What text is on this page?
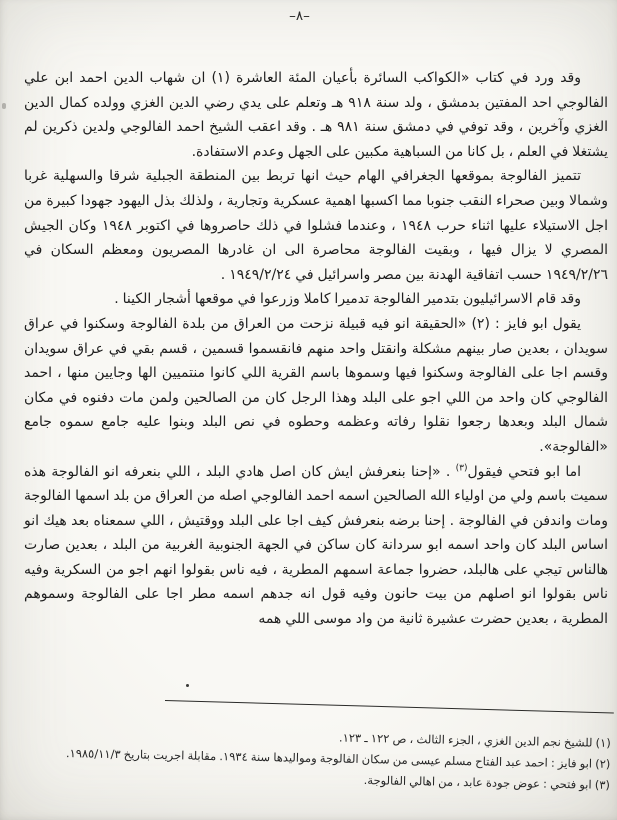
–٨–

وقد ورد في كتاب «الكواكب السائرة بأعيان المئة العاشرة (١) ان شهاب الدين احمد ابن علي الفالوجي احد المفتين بدمشق ، ولد سنة ٩١٨ هـ وتعلم على يدي رضي الدين الغزي وولده كمال الدين الغزي وآخرين ، وقد توفي في دمشق سنة ٩٨١ هـ . وقد اعقب الشيخ احمد الفالوجي ولدين ذكرين لم يشتغلا في العلم ، بل كانا من السباهية مكبين على الجهل وعدم الاستفادة.

تتميز الفالوجة بموقعها الجغرافي الهام حيث انها تربط بين المنطقة الجبلية شرقا والسهلية غربا وشمالا وبين صحراء النقب جنوبا مما اكسبها اهمية عسكرية وتجارية ، ولذلك بذل اليهود جهودا كبيرة من اجل الاستيلاء عليها اثناء حرب ١٩٤٨ ، وعندما فشلوا في ذلك حاصروها في اكتوبر ١٩٤٨ وكان الجيش المصري لا يزال فيها ، وبقيت الفالوجة محاصرة الى ان غادرها المصريون ومعظم السكان في ١٩٤٩/٢/٢٦ حسب اتفاقية الهدنة بين مصر واسرائيل في ١٩٤٩/٢/٢٤ .

وقد قام الاسرائيليون بتدمير الفالوجة تدميرا كاملا وزرعوا في موقعها أشجار الكينا .

يقول ابو فايز : (٢) «الحقيقة انو فيه قبيلة نزحت من العراق من بلدة الفالوجة وسكنوا في عراق سويدان ، بعدين صار بينهم مشكلة وانقتل واحد منهم فانقسموا قسمين ، قسم بقي في عراق سويدان وقسم اجا على الفالوجة وسكنوا فيها وسموها باسم القرية اللي كانوا منتميين الها وجايين منها ، احمد الفالوجي كان واحد من اللي اجو على البلد وهذا الرجل كان من الصالحين ولمن مات دفنوه في مكان شمال البلد وبعدها رجعوا نقلوا رفاته وعظمه وحطوه في نص البلد وبنوا عليه جامع سموه جامع «الفالوجة».

اما ابو فتحي فيقول$^{(٣)}$ . «إحنا بنعرفش ايش كان اصل هادي البلد ، اللي بنعرفه انو الفالوجة هذه سميت باسم ولي من اولياء الله الصالحين اسمه احمد الفالوجي اصله من العراق من بلد اسمها الفالوجة ومات واندفن في الفالوجة . إحنا برضه بنعرفش كيف اجا على البلد ووقتيش ، اللي سمعناه بعد هيك انو اساس البلد كان واحد اسمه ابو سردانة كان ساكن في الجهة الجنوبية الغربية من البلد ، بعدين صارت هالناس تيجي على هالبلد، حضروا جماعة اسمهم المطرية ، فيه ناس بقولوا انهم اجو من السكرية وفيه ناس بقولوا انو اصلهم من بيت حانون وفيه قول انه جدهم اسمه مطر اجا على الفالوجة وسموهم المطرية ، بعدين حضرت عشيرة ثانية من واد موسى اللي همه

(١) للشيخ نجم الدين الغزي ، الجزء الثالث ، ص ١٢٢ ـ ١٢٣.

(٢) ابو فايز : احمد عبد الفتاح مسلم عيسى من سكان الفالوجة ومواليدها سنة ١٩٣٤. مقابلة اجريت بتاريخ ١٩٨٥/١١/٣.

(٣) ابو فتحي : عوض جودة عابد ، من اهالي الفالوجة.
